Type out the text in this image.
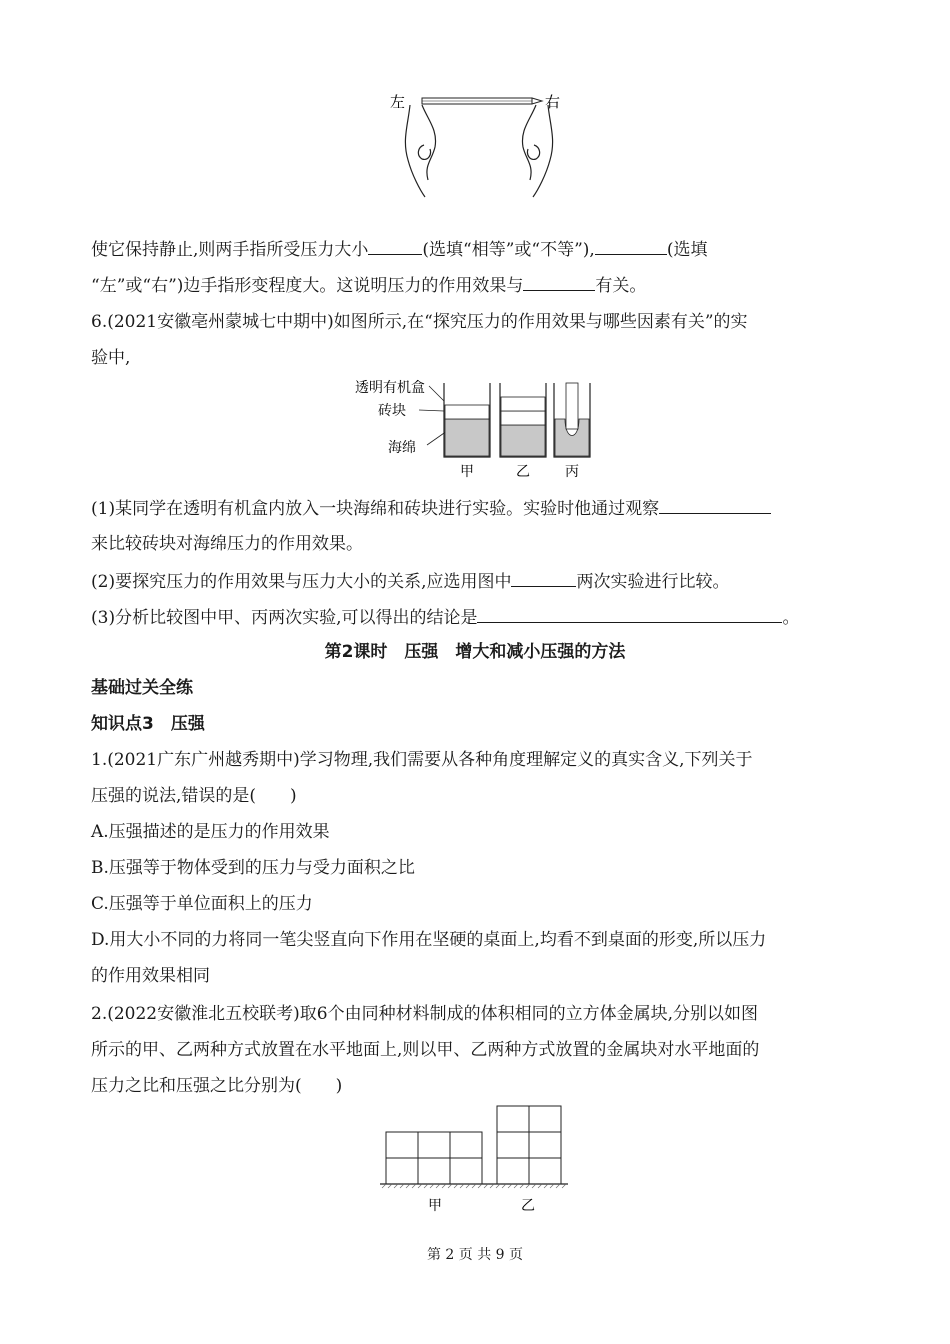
左	右
使它保持静止,则两手指所受压力大小	(选填“相等”或“不等”),	(选填
“左”或“右”)边手指形变程度大。这说明压力的作用效果与	有关。
6.(2021安徽亳州蒙城七中期中)如图所示,在“探究压力的作用效果与哪些因素有关”的实
验中,
透明有机盒
砖块
海绵
甲	乙	丙
(1)某同学在透明有机盒内放入一块海绵和砖块进行实验。实验时他通过观察
来比较砖块对海绵压力的作用效果。
(2)要探究压力的作用效果与压力大小的关系,应选用图中	两次实验进行比较。
(3)分析比较图中甲、丙两次实验,可以得出的结论是	。
第2课时　压强　增大和减小压强的方法
基础过关全练
知识点3　压强
1.(2021广东广州越秀期中)学习物理,我们需要从各种角度理解定义的真实含义,下列关于
压强的说法,错误的是(　　)
A.压强描述的是压力的作用效果
B.压强等于物体受到的压力与受力面积之比
C.压强等于单位面积上的压力
D.用大小不同的力将同一笔尖竖直向下作用在坚硬的桌面上,均看不到桌面的形变,所以压力
的作用效果相同
2.(2022安徽淮北五校联考)取6个由同种材料制成的体积相同的立方体金属块,分别以如图
所示的甲、乙两种方式放置在水平地面上,则以甲、乙两种方式放置的金属块对水平地面的
压力之比和压强之比分别为(　　)
甲	乙
第 2 页 共 9 页
